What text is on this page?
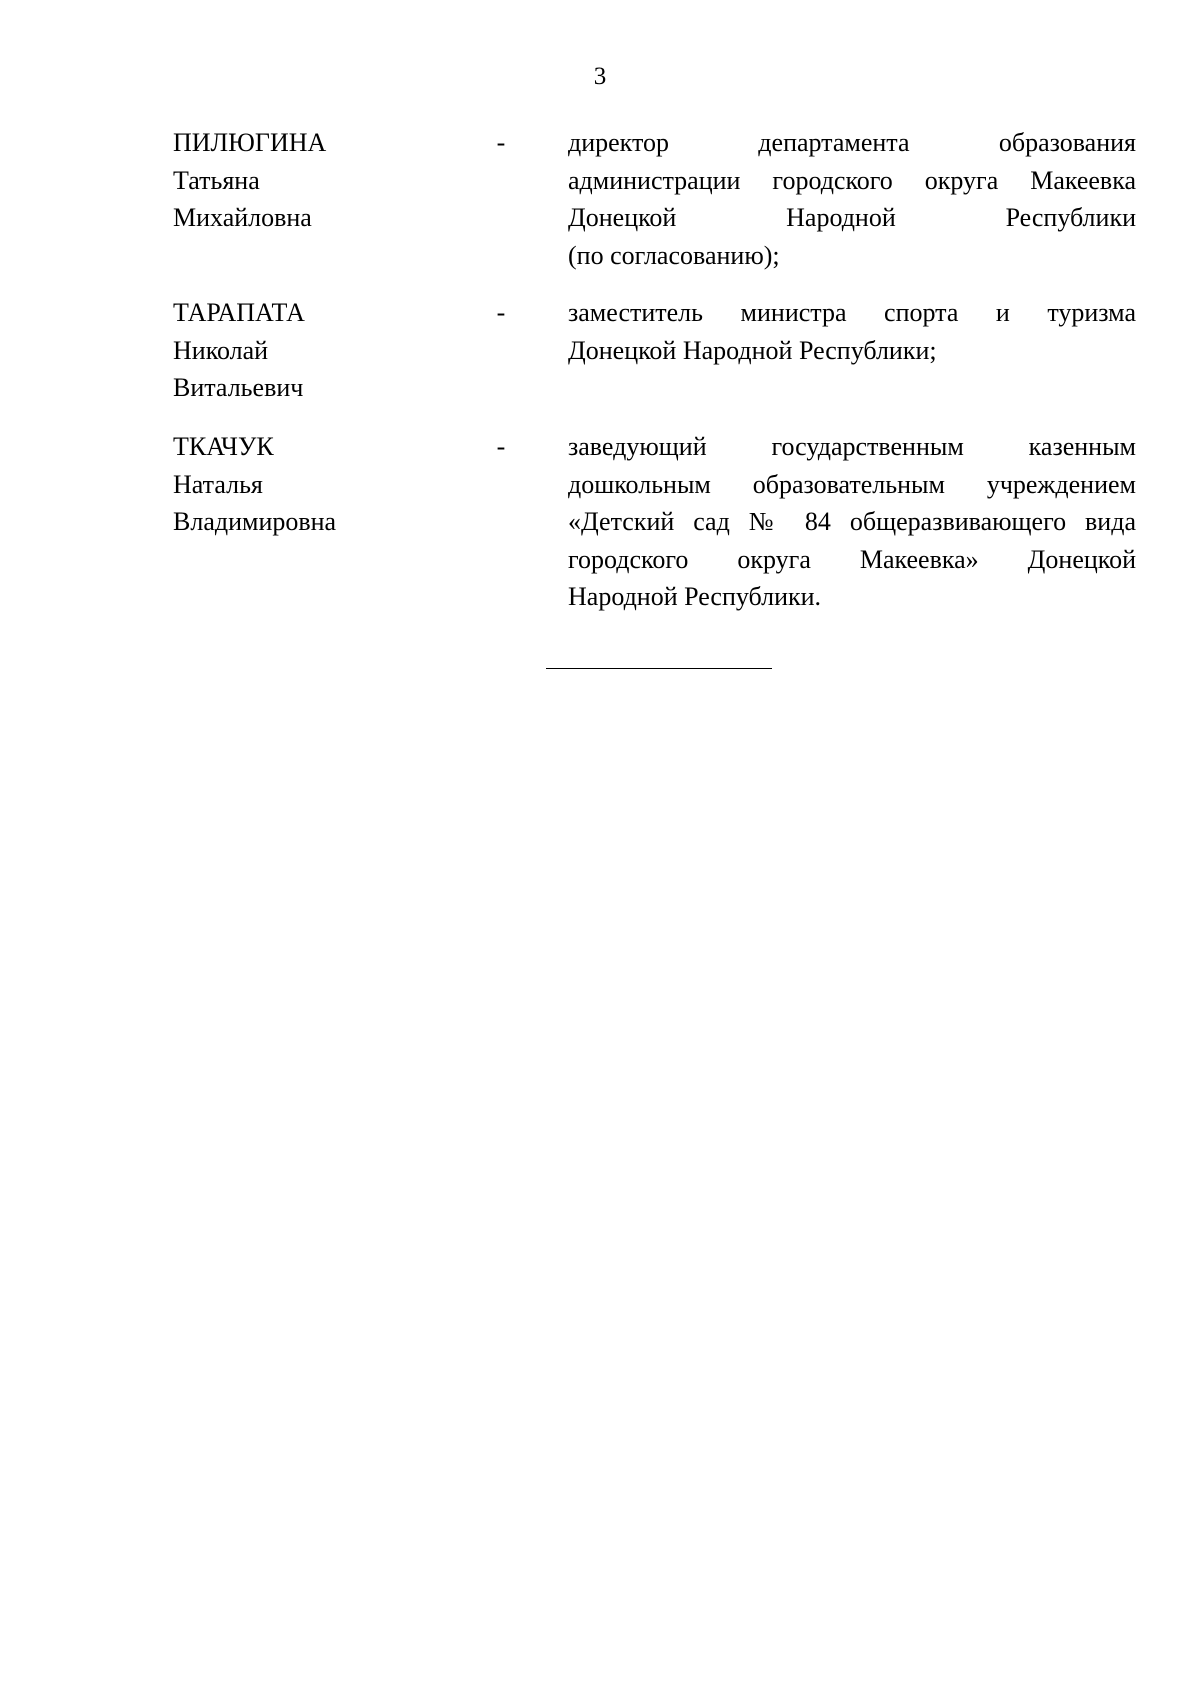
3
ПИЛЮГИНА
Татьяна
Михайловна
- директор департамента образования
администрации городского округа Макеевка
Донецкой Народной Республики
(по согласованию);
ТАРАПАТА
Николай
Витальевич
- заместитель министра спорта и туризма
Донецкой Народной Республики;
ТКАЧУК
Наталья
Владимировна
- заведующий государственным казенным
дошкольным образовательным учреждением
«Детский сад № 84 общеразвивающего вида
городского округа Макеевка» Донецкой
Народной Республики.
